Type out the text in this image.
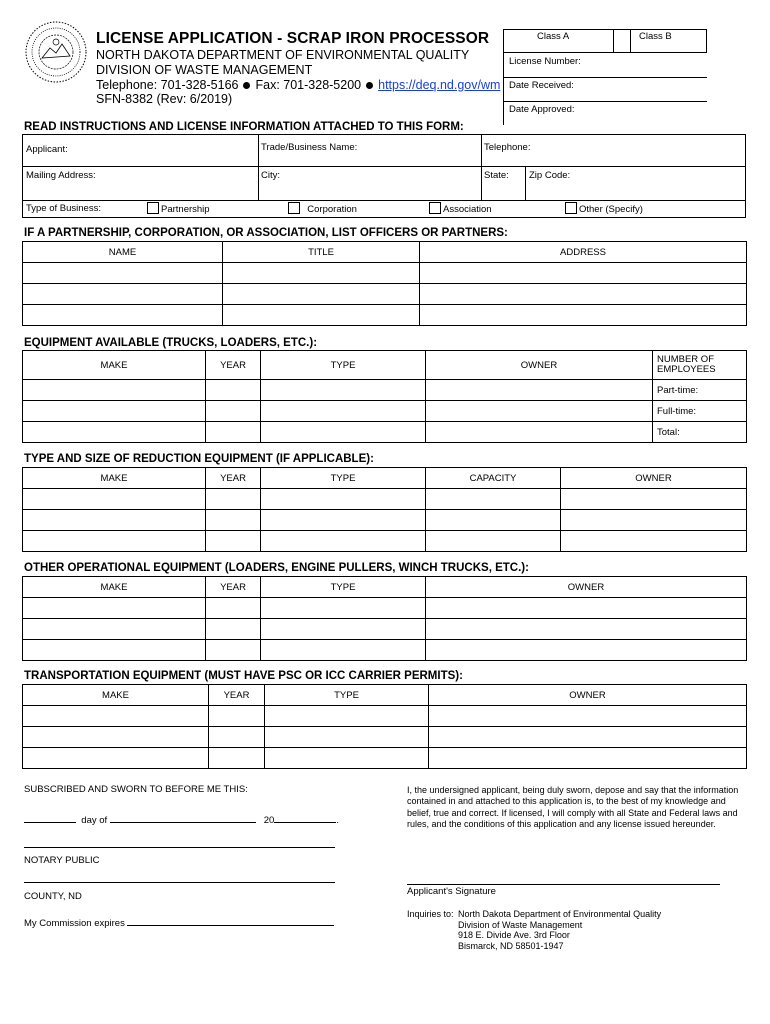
LICENSE APPLICATION - SCRAP IRON PROCESSOR
NORTH DAKOTA DEPARTMENT OF ENVIRONMENTAL QUALITY
DIVISION OF WASTE MANAGEMENT
Telephone: 701-328-5166 Fax: 701-328-5200 https://deq.nd.gov/wm
SFN-8382 (Rev: 6/2019)
Class A	Class B
License Number:
Date Received:
Date Approved:
READ INSTRUCTIONS AND LICENSE INFORMATION ATTACHED TO THIS FORM:
Applicant:	Trade/Business Name:	Telephone:
Mailing Address:	City:	State: Zip Code:
Type of Business:	Partnership	Corporation	Association	Other (Specify)
IF A PARTNERSHIP, CORPORATION, OR ASSOCIATION, LIST OFFICERS OR PARTNERS:
NAME	TITLE	ADDRESS

EQUIPMENT AVAILABLE (TRUCKS, LOADERS, ETC.):
MAKE	YEAR	TYPE	OWNER	NUMBER OF EMPLOYEES
				Part-time:
				Full-time:
				Total:
TYPE AND SIZE OF REDUCTION EQUIPMENT (IF APPLICABLE):
MAKE	YEAR	TYPE	CAPACITY	OWNER

OTHER OPERATIONAL EQUIPMENT (LOADERS, ENGINE PULLERS, WINCH TRUCKS, ETC.):
MAKE	YEAR	TYPE	OWNER

TRANSPORTATION EQUIPMENT (MUST HAVE PSC OR ICC CARRIER PERMITS):
MAKE	YEAR	TYPE	OWNER

SUBSCRIBED AND SWORN TO BEFORE ME THIS:
day of	20	.
NOTARY PUBLIC
COUNTY, ND
My Commission expires
I, the undersigned applicant, being duly sworn, depose and say that the information contained in and attached to this application is, to the best of my knowledge and belief, true and correct. If licensed, I will comply with all State and Federal laws and rules, and the conditions of this application and any license issued hereunder.
Applicant's Signature
Inquiries to: North Dakota Department of Environmental Quality
Division of Waste Management
918 E. Divide Ave. 3rd Floor
Bismarck, ND 58501-1947
